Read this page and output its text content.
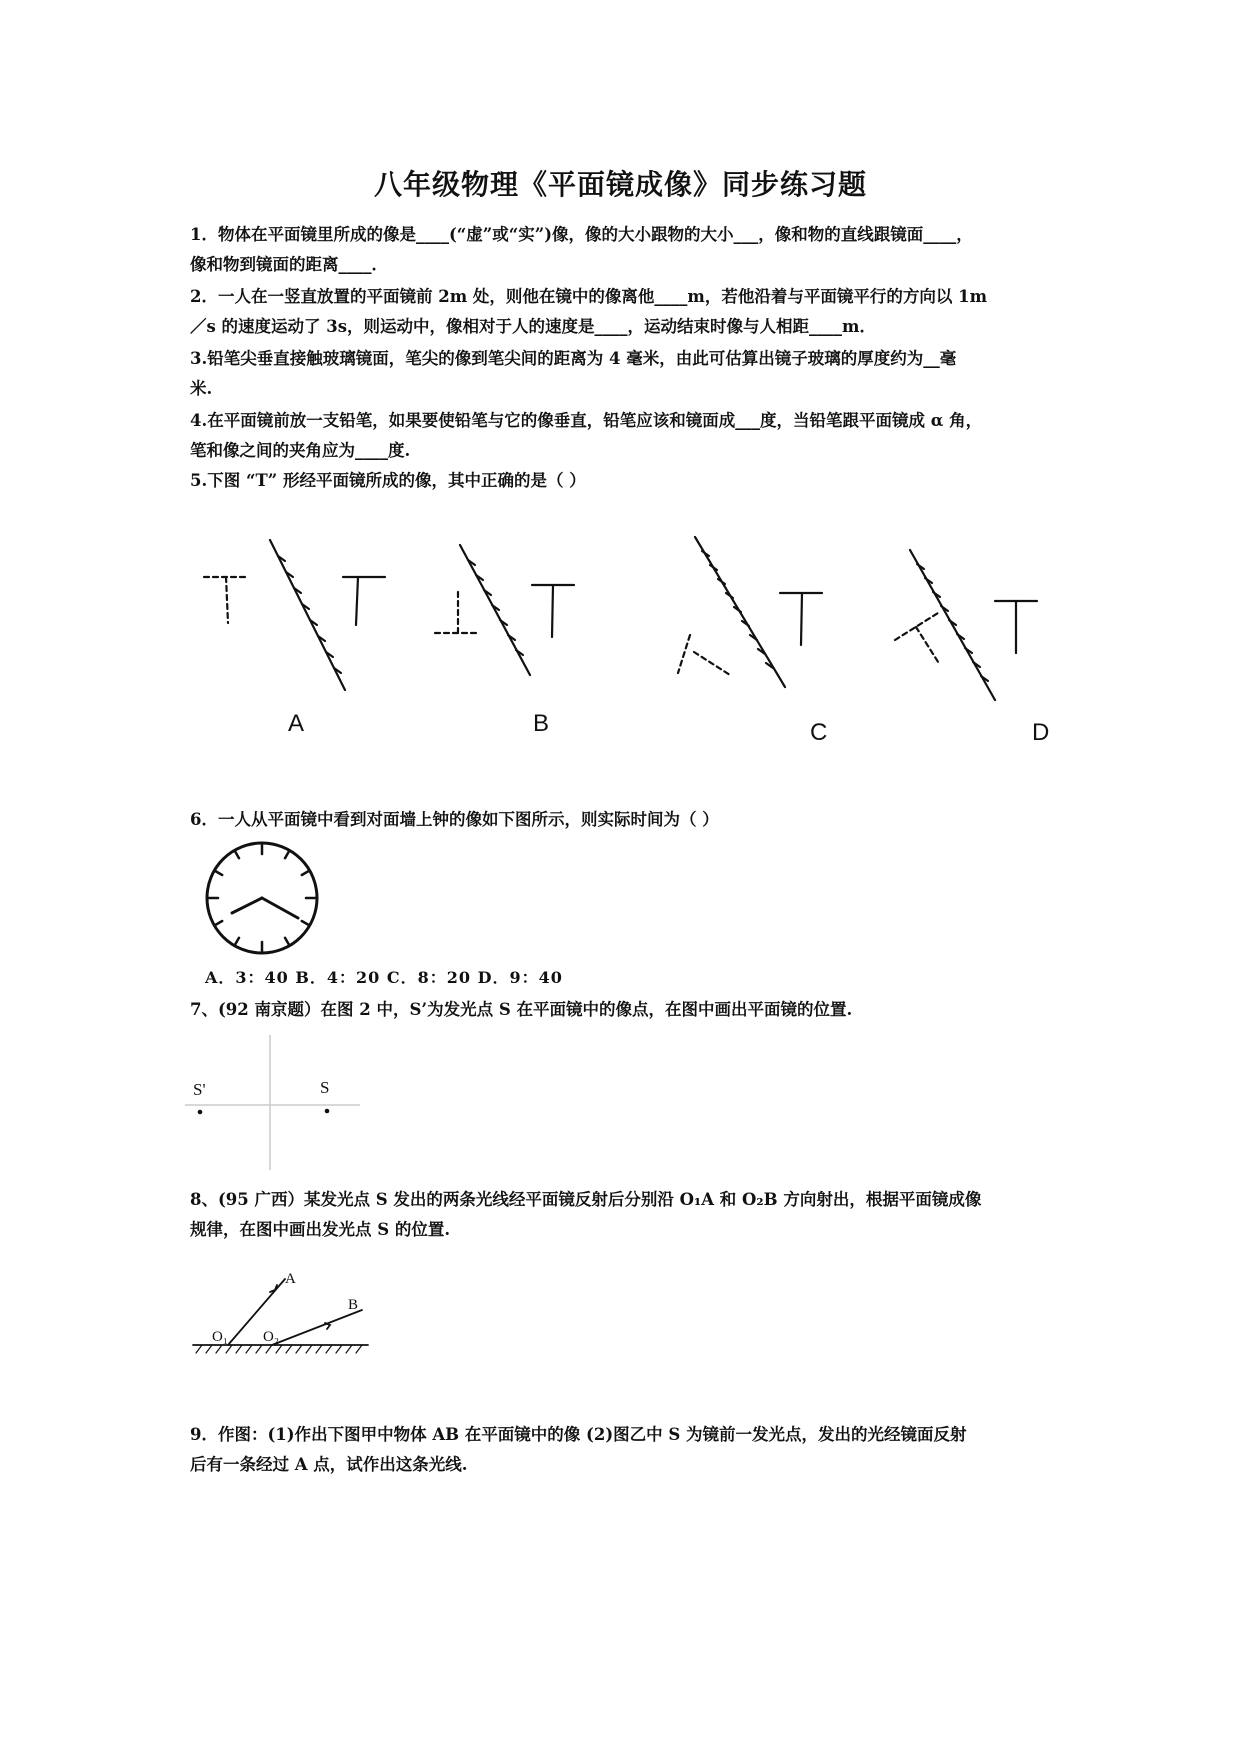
八年级物理《平面镜成像》同步练习题

1．物体在平面镜里所成的像是____(“虚”或“实”)像，像的大小跟物的大小___，像和物的直线跟镜面____，

像和物到镜面的距离____．

2．一人在一竖直放置的平面镜前 2m 处，则他在镜中的像离他____m，若他沿着与平面镜平行的方向以 1m

／s 的速度运动了 3s，则运动中，像相对于人的速度是____，运动结束时像与人相距____m．

3.铅笔尖垂直接触玻璃镜面，笔尖的像到笔尖间的距离为 4 毫米，由此可估算出镜子玻璃的厚度约为__毫

米.

4.在平面镜前放一支铅笔，如果要使铅笔与它的像垂直，铅笔应该和镜面成___度，当铅笔跟平面镜成 α 角，

笔和像之间的夹角应为____度.

5.下图 “T” 形经平面镜所成的像，其中正确的是（ ）

A	B	C	D

6．一人从平面镜中看到对面墙上钟的像如下图所示，则实际时间为（ ）

A．3：40 B．4：20 C．8：20 D．9：40

7、(92 南京题）在图 2 中，S’为发光点 S 在平面镜中的像点，在图中画出平面镜的位置.

S'	S

8、(95 广西）某发光点 S 发出的两条光线经平面镜反射后分别沿 O₁A 和 O₂B 方向射出，根据平面镜成像

规律，在图中画出发光点 S 的位置.

O₁ O₂
A
B

9．作图：(1)作出下图甲中物体 AB 在平面镜中的像 (2)图乙中 S 为镜前一发光点，发出的光经镜面反射

后有一条经过 A 点，试作出这条光线.
